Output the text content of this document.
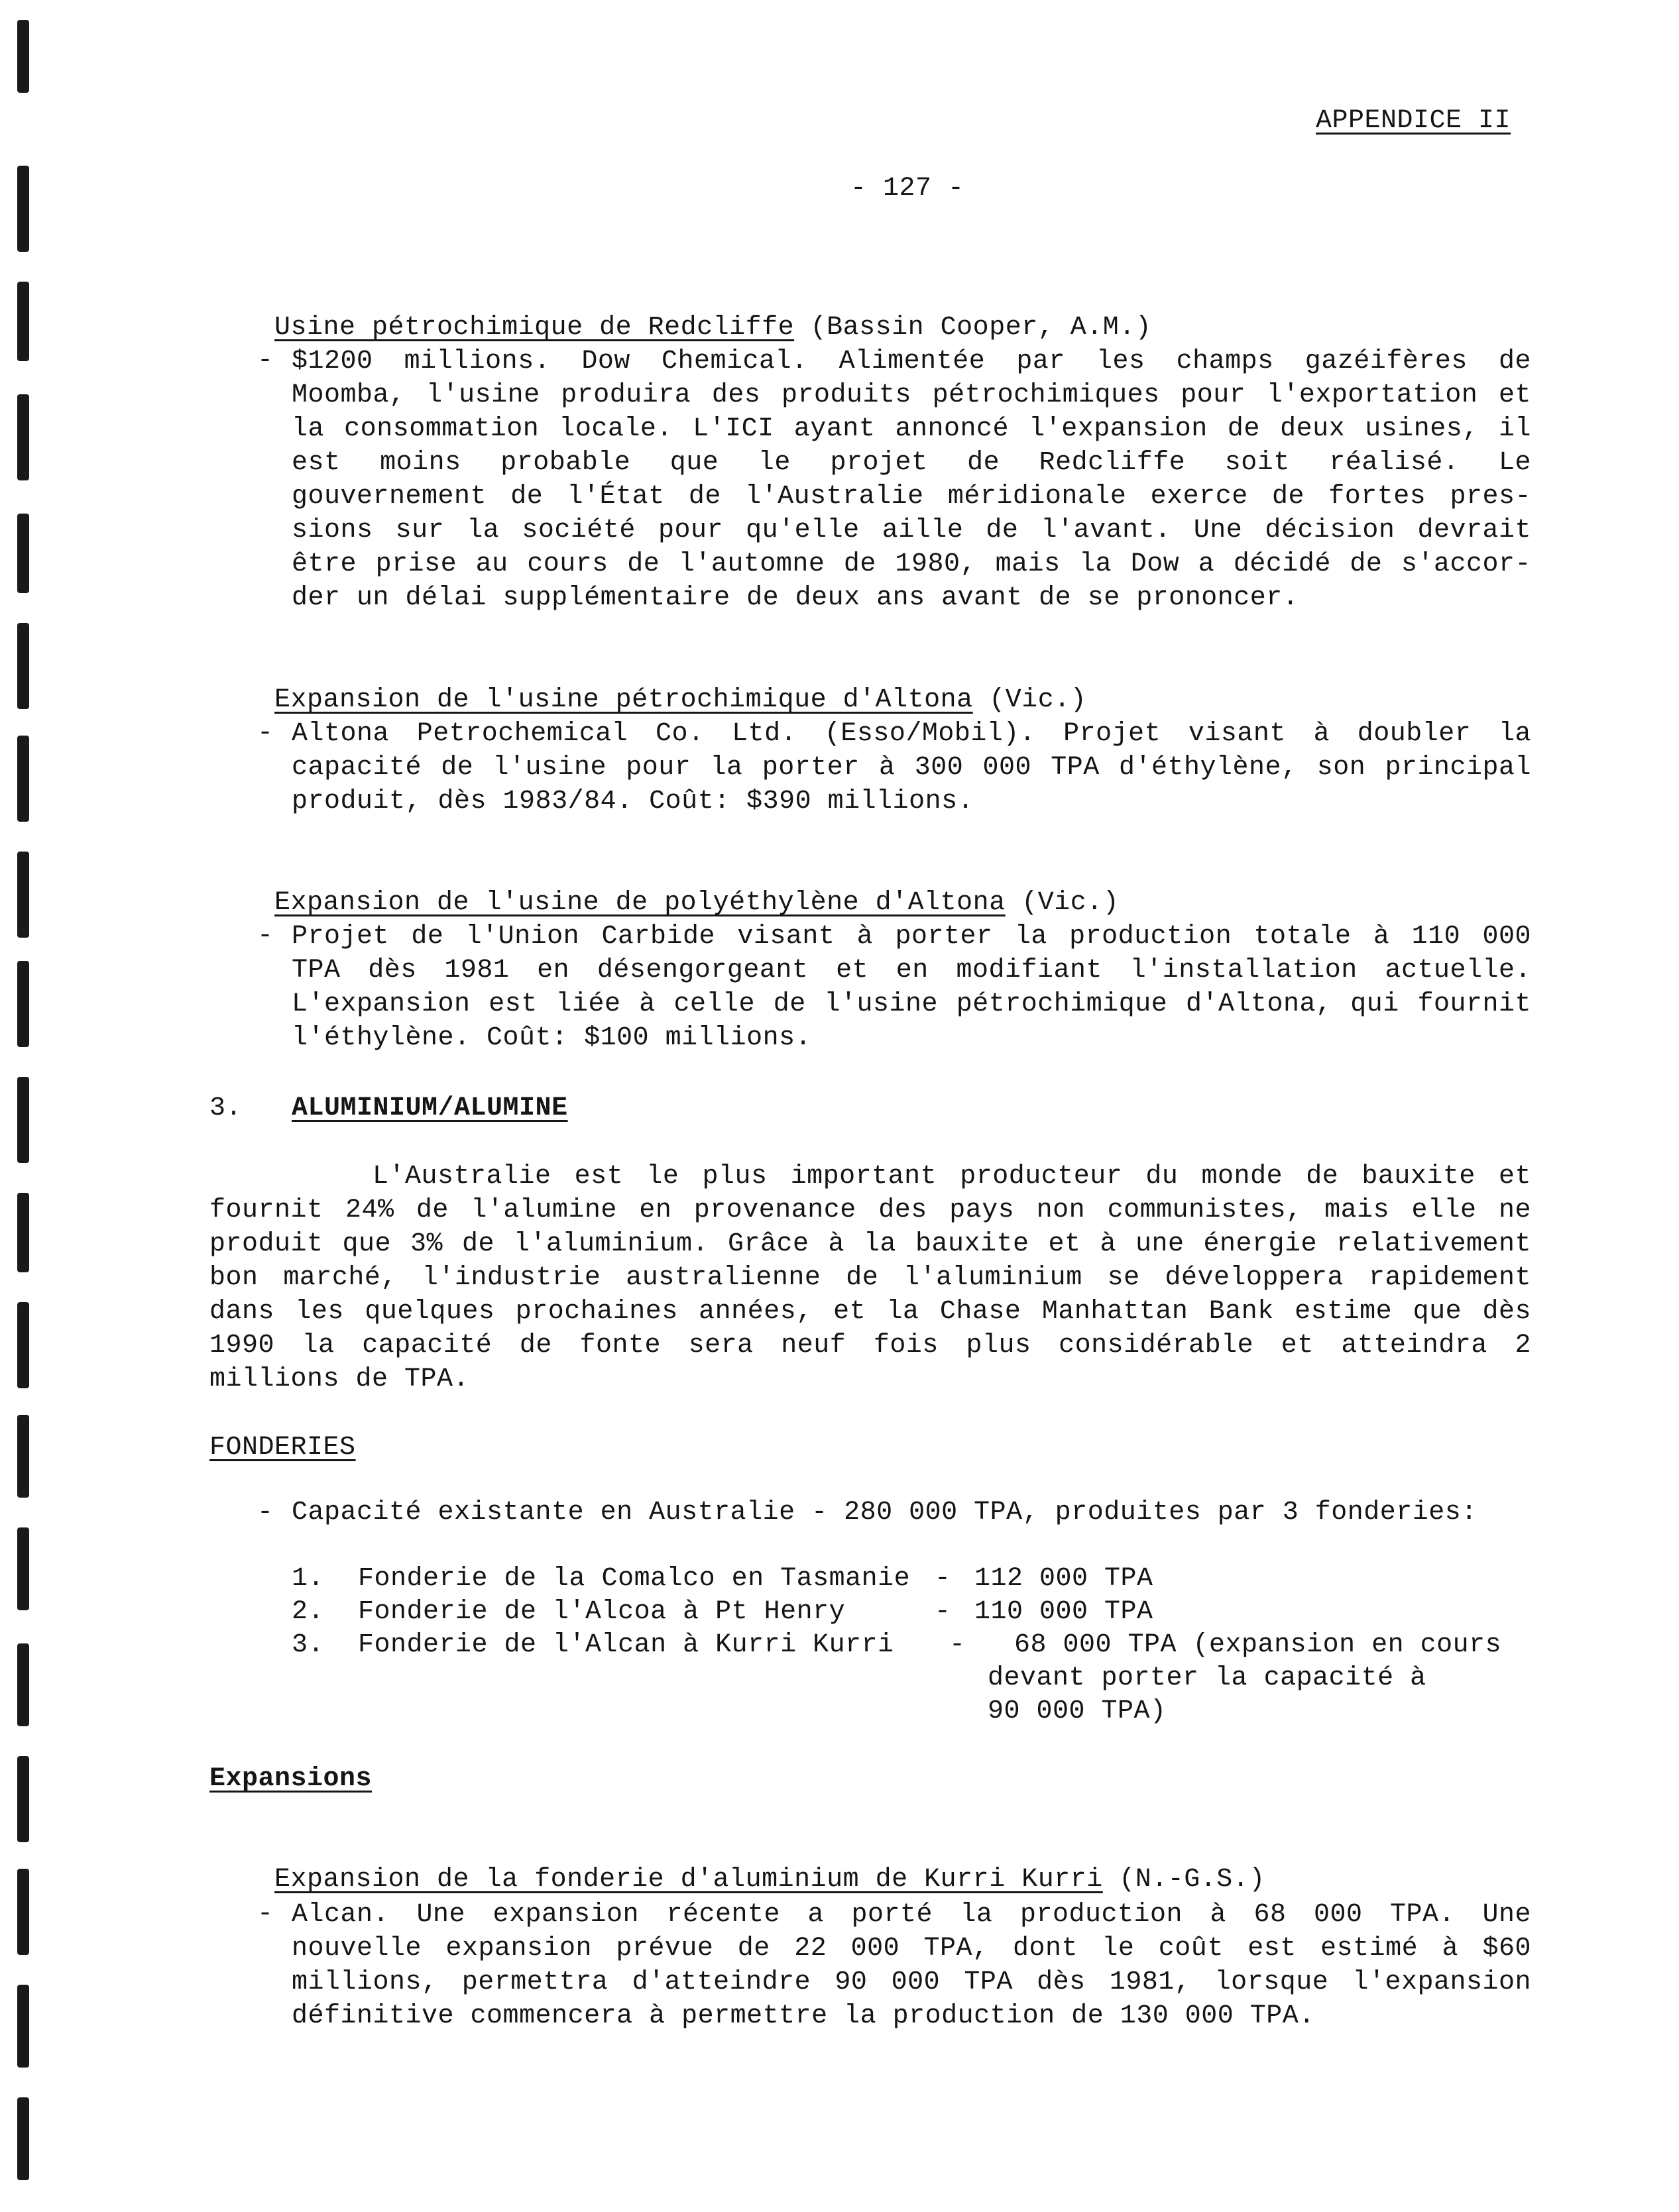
APPENDICE II
- 127 -

Usine pétrochimique de Redcliffe (Bassin Cooper, A.M.)

- $1200 millions. Dow Chemical. Alimentée par les champs gazéifères de
Moomba, l'usine produira des produits pétrochimiques pour l'exportation et
la consommation locale. L'ICI ayant annoncé l'expansion de deux usines, il
est moins probable que le projet de Redcliffe soit réalisé. Le
gouvernement de l'État de l'Australie méridionale exerce de fortes pres-
sions sur la société pour qu'elle aille de l'avant. Une décision devrait
être prise au cours de l'automne de 1980, mais la Dow a décidé de s'accor-
der un délai supplémentaire de deux ans avant de se prononcer.

Expansion de l'usine pétrochimique d'Altona (Vic.)

- Altona Petrochemical Co. Ltd. (Esso/Mobil). Projet visant à doubler la
capacité de l'usine pour la porter à 300 000 TPA d'éthylène, son principal
produit, dès 1983/84. Coût: $390 millions.

Expansion de l'usine de polyéthylène d'Altona (Vic.)

- Projet de l'Union Carbide visant à porter la production totale à 110 000
TPA dès 1981 en désengorgeant et en modifiant l'installation actuelle.
L'expansion est liée à celle de l'usine pétrochimique d'Altona, qui fournit
l'éthylène. Coût: $100 millions.
3. ALUMINIUM/ALUMINE
L'Australie est le plus important producteur du monde de bauxite et
fournit 24% de l'alumine en provenance des pays non communistes, mais elle ne
produit que 3% de l'aluminium. Grâce à la bauxite et à une énergie relativement
bon marché, l'industrie australienne de l'aluminium se développera rapidement
dans les quelques prochaines années, et la Chase Manhattan Bank estime que dès
1990 la capacité de fonte sera neuf fois plus considérable et atteindra 2
millions de TPA.
FONDERIES
- Capacité existante en Australie - 280 000 TPA, produites par 3 fonderies:
1. Fonderie de la Comalco en Tasmanie - 112 000 TPA
2. Fonderie de l'Alcoa à Pt Henry	- 110 000 TPA
3. Fonderie de l'Alcan à Kurri Kurri - 68 000 TPA (expansion en cours
devant porter la capacité à
90 000 TPA)
Expansions

Expansion de la fonderie d'aluminium de Kurri Kurri (N.-G.S.)

- Alcan. Une expansion récente a porté la production à 68 000 TPA. Une
nouvelle expansion prévue de 22 000 TPA, dont le coût est estimé à $60
millions, permettra d'atteindre 90 000 TPA dès 1981, lorsque l'expansion
définitive commencera à permettre la production de 130 000 TPA.
